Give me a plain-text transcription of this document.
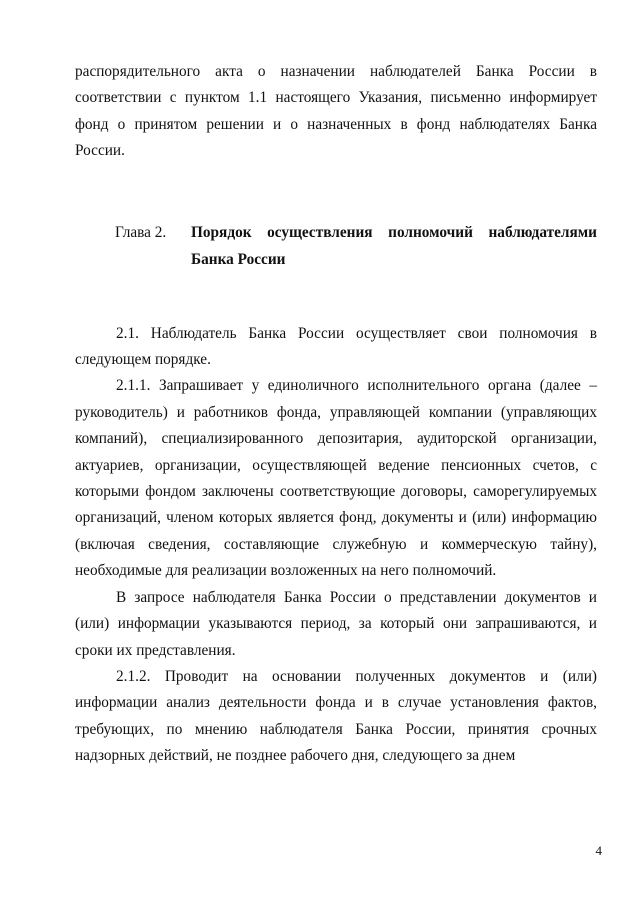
распорядительного акта о назначении наблюдателей Банка России в соответствии с пунктом 1.1 настоящего Указания, письменно информирует фонд о принятом решении и о назначенных в фонд наблюдателях Банка России.

Глава 2.	Порядок осуществления полномочий наблюдателями Банка России

2.1. Наблюдатель Банка России осуществляет свои полномочия в следующем порядке.

2.1.1. Запрашивает у единоличного исполнительного органа (далее – руководитель) и работников фонда, управляющей компании (управляющих компаний), специализированного депозитария, аудиторской организации, актуариев, организации, осуществляющей ведение пенсионных счетов, с которыми фондом заключены соответствующие договоры, саморегулируемых организаций, членом которых является фонд, документы и (или) информацию (включая сведения, составляющие служебную и коммерческую тайну), необходимые для реализации возложенных на него полномочий.

В запросе наблюдателя Банка России о представлении документов и (или) информации указываются период, за который они запрашиваются, и сроки их представления.

2.1.2. Проводит на основании полученных документов и (или) информации анализ деятельности фонда и в случае установления фактов, требующих, по мнению наблюдателя Банка России, принятия срочных надзорных действий, не позднее рабочего дня, следующего за днем

4
